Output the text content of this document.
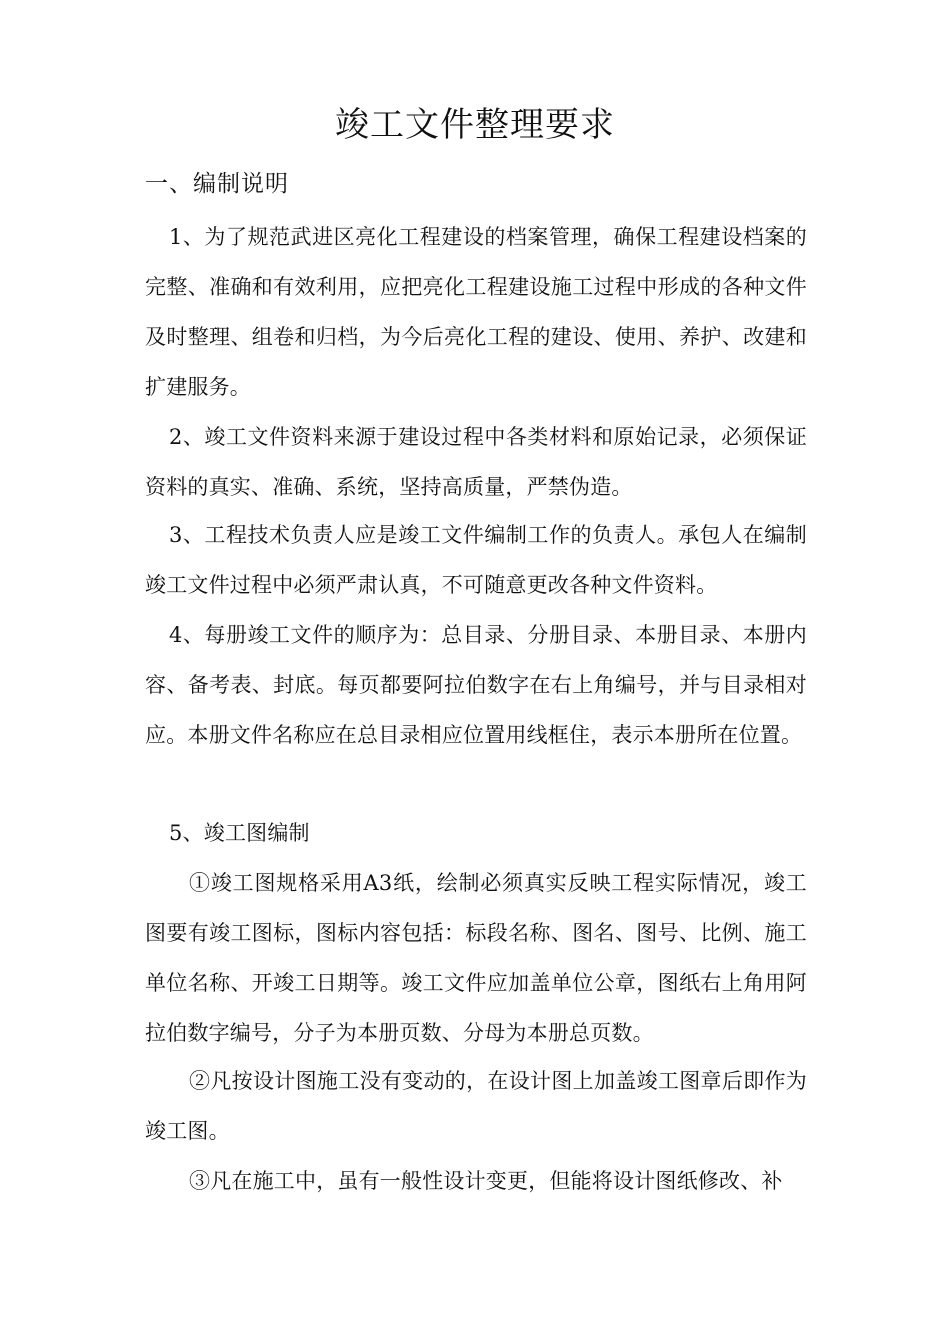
竣工文件整理要求
一、编制说明
1、为了规范武进区亮化工程建设的档案管理，确保工程建设档案的完整、准确和有效利用，应把亮化工程建设施工过程中形成的各种文件及时整理、组卷和归档，为今后亮化工程的建设、使用、养护、改建和扩建服务。
2、竣工文件资料来源于建设过程中各类材料和原始记录，必须保证资料的真实、准确、系统，坚持高质量，严禁伪造。
3、工程技术负责人应是竣工文件编制工作的负责人。承包人在编制竣工文件过程中必须严肃认真，不可随意更改各种文件资料。
4、每册竣工文件的顺序为：总目录、分册目录、本册目录、本册内容、备考表、封底。每页都要阿拉伯数字在右上角编号，并与目录相对应。本册文件名称应在总目录相应位置用线框住，表示本册所在位置。
5、竣工图编制
①竣工图规格采用A3纸，绘制必须真实反映工程实际情况，竣工图要有竣工图标，图标内容包括：标段名称、图名、图号、比例、施工单位名称、开竣工日期等。竣工文件应加盖单位公章，图纸右上角用阿拉伯数字编号，分子为本册页数、分母为本册总页数。
②凡按设计图施工没有变动的，在设计图上加盖竣工图章后即作为竣工图。
③凡在施工中，虽有一般性设计变更，但能将设计图纸修改、补
